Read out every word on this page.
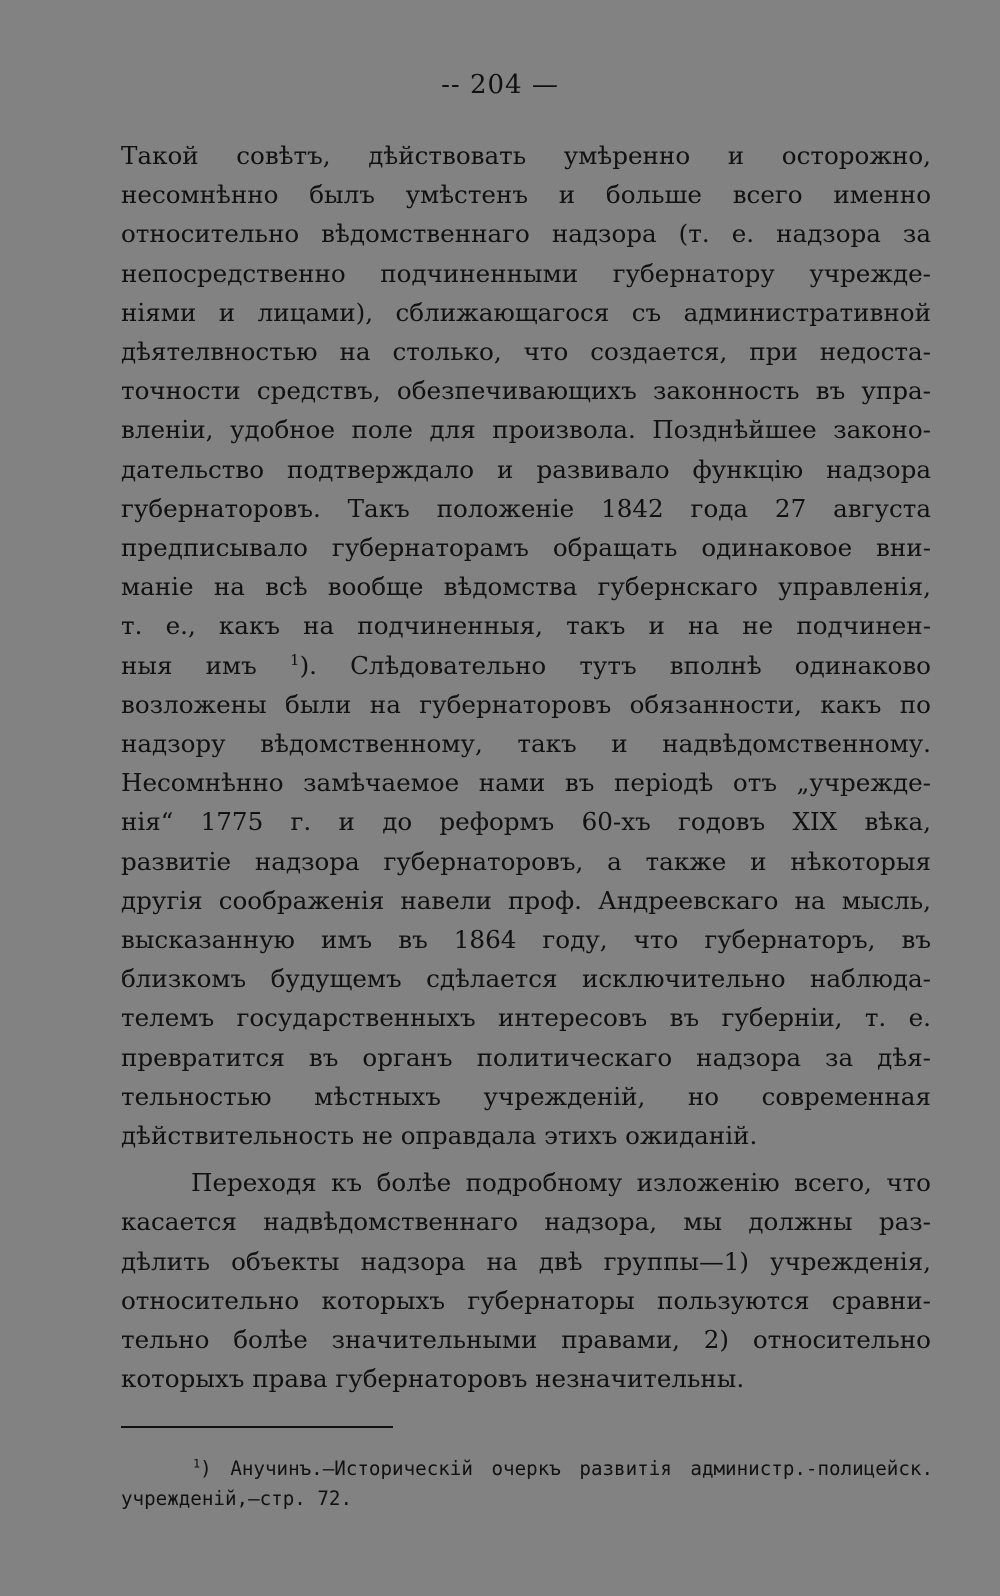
-- 204 —
Такой совѣтъ, дѣйствовать умѣренно и осторожно,
несомнѣнно былъ умѣстенъ и больше всего именно
относительно вѣдомственнаго надзора (т. е. надзора за
непосредственно подчиненными губернатору учрежде-
ніями и лицами), сближающагося съ административной
дѣятелвностью на столько, что создается, при недоста-
точности средствъ, обезпечивающихъ законность въ упра-
вленіи, удобное поле для произвола. Позднѣйшее законо-
дательство подтверждало и развивало функцію надзора
губернаторовъ. Такъ положеніе 1842 года 27 августа
предписывало губернаторамъ обращать одинаковое вни-
маніе на всѣ вообще вѣдомства губернскаго управленія,
т. е., какъ на подчиненныя, такъ и на не подчинен-
ныя имъ $^1$). Слѣдовательно тутъ вполнѣ одинаково
возложены были на губернаторовъ обязанности, какъ по
надзору вѣдомственному, такъ и надвѣдомственному.
Несомнѣнно замѣчаемое нами въ періодѣ отъ „учрежде-
нія“ 1775 г. и до реформъ 60-хъ годовъ XIX вѣка,
развитіе надзора губернаторовъ, а также и нѣкоторыя
другія соображенія навели проф. Андреевскаго на мысль,
высказанную имъ въ 1864 году, что губернаторъ, въ
близкомъ будущемъ сдѣлается исключительно наблюда-
телемъ государственныхъ интересовъ въ губерніи, т. е.
превратится въ органъ политическаго надзора за дѣя-
тельностью мѣстныхъ учрежденій, но современная
дѣйствительность не оправдала этихъ ожиданій.
Переходя къ болѣе подробному изложенію всего, что
касается надвѣдомственнаго надзора, мы должны раз-
дѣлить объекты надзора на двѣ группы—1) учрежденія,
относительно которыхъ губернаторы пользуются сравни-
тельно болѣе значительными правами, 2) относительно
которыхъ права губернаторовъ незначительны.
$^1$) Анучинъ.—Историческій очеркъ развитія администр.-полицейск.
учрежденій,—стр. 72.
